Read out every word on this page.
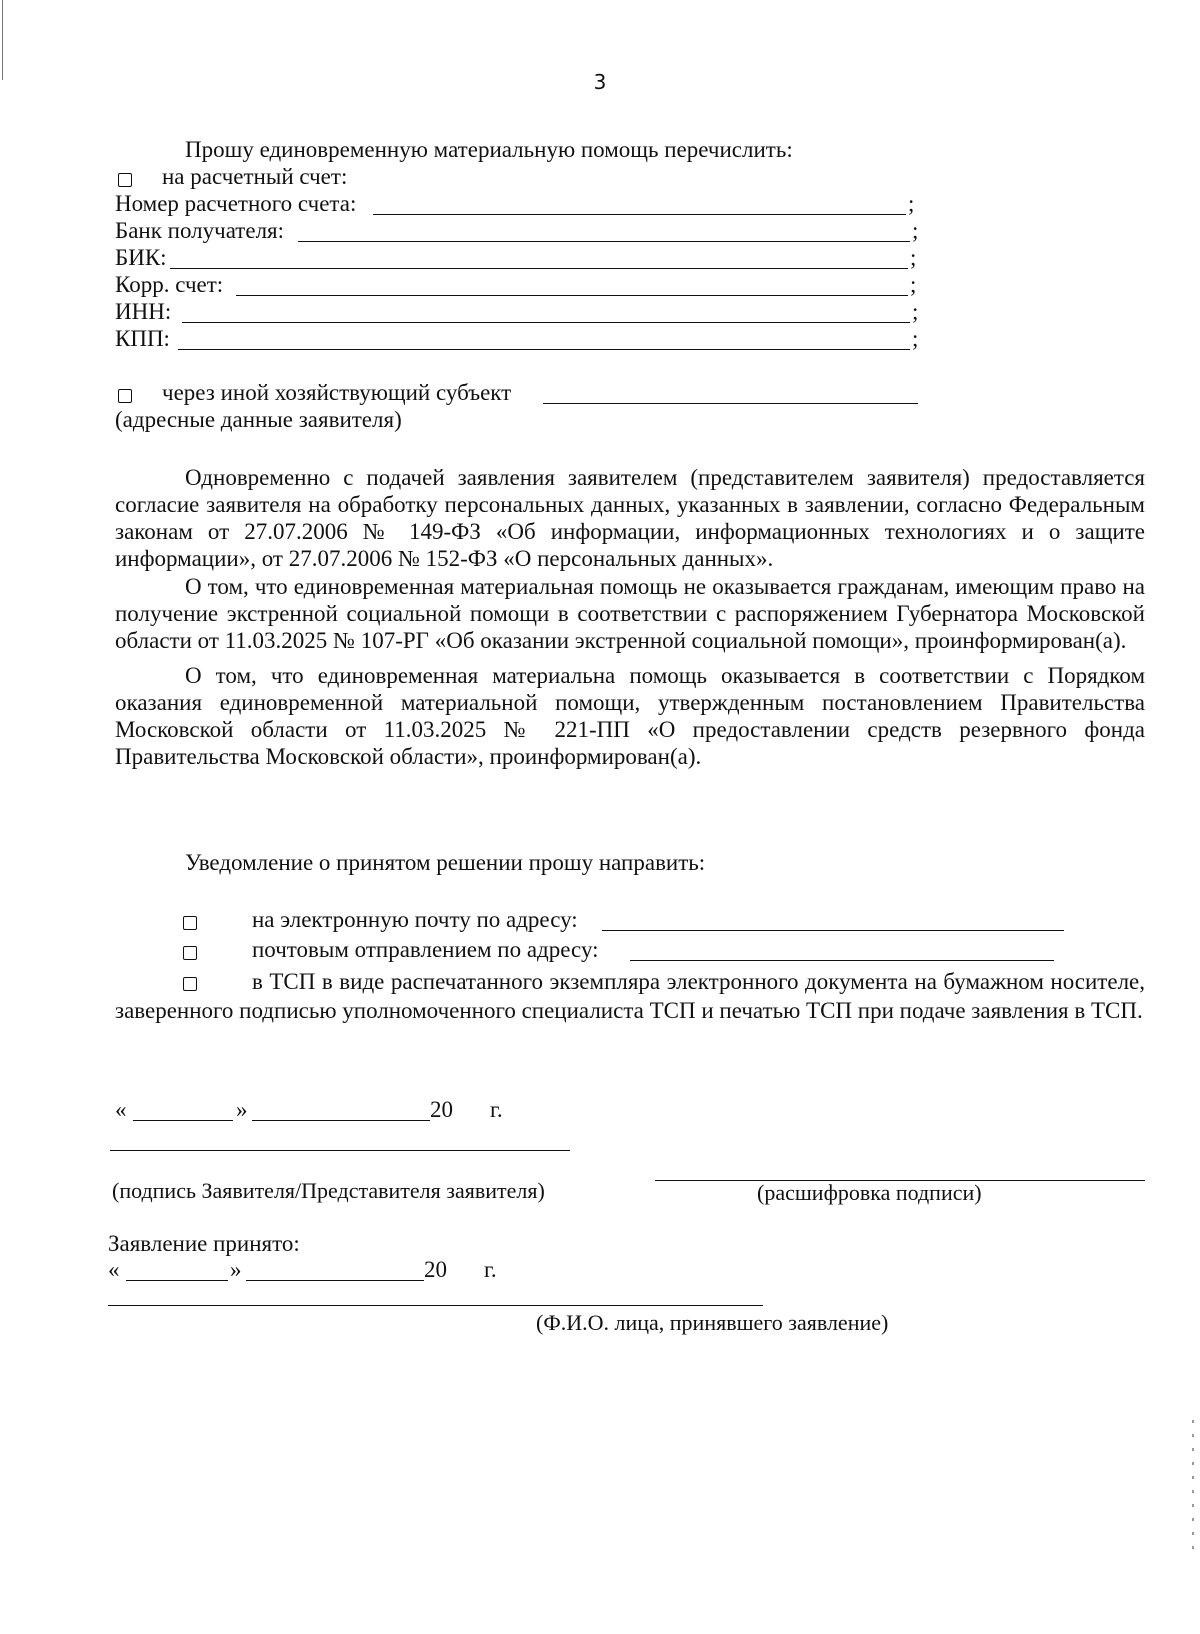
3
Прошу единовременную материальную помощь перечислить:
на расчетный счет:
Номер расчетного счета:	;
Банк получателя:	;
БИК:	;
Корр. счет:	;
ИНН:	;
КПП:	;
через иной хозяйствующий субъект
(адресные данные заявителя)

Одновременно с подачей заявления заявителем (представителем заявителя) предоставляется согласие заявителя на обработку персональных данных, указанных в заявлении, согласно Федеральным законам от 27.07.2006 № 149-ФЗ «Об информации, информационных технологиях и о защите информации», от 27.07.2006 № 152-ФЗ «О персональных данных».

О том, что единовременная материальная помощь не оказывается гражданам, имеющим право на получение экстренной социальной помощи в соответствии с распоряжением Губернатора Московской области от 11.03.2025 № 107-РГ «Об оказании экстренной социальной помощи», проинформирован(а).

О том, что единовременная материальна помощь оказывается в соответствии с Порядком оказания единовременной материальной помощи, утвержденным постановлением Правительства Московской области от 11.03.2025 № 221-ПП «О предоставлении средств резервного фонда Правительства Московской области», проинформирован(а).

Уведомление о принятом решении прошу направить:
на электронную почту по адресу:
почтовым отправлением по адресу:

в ТСП в виде распечатанного экземпляра электронного документа на бумажном носителе, заверенного подписью уполномоченного специалиста ТСП и печатью ТСП при подаче заявления в ТСП.

«	»	20 г.
(подпись Заявителя/Представителя заявителя)	(расшифровка подписи)
Заявление принято:
«	»	20 г.
(Ф.И.О. лица, принявшего заявление)
